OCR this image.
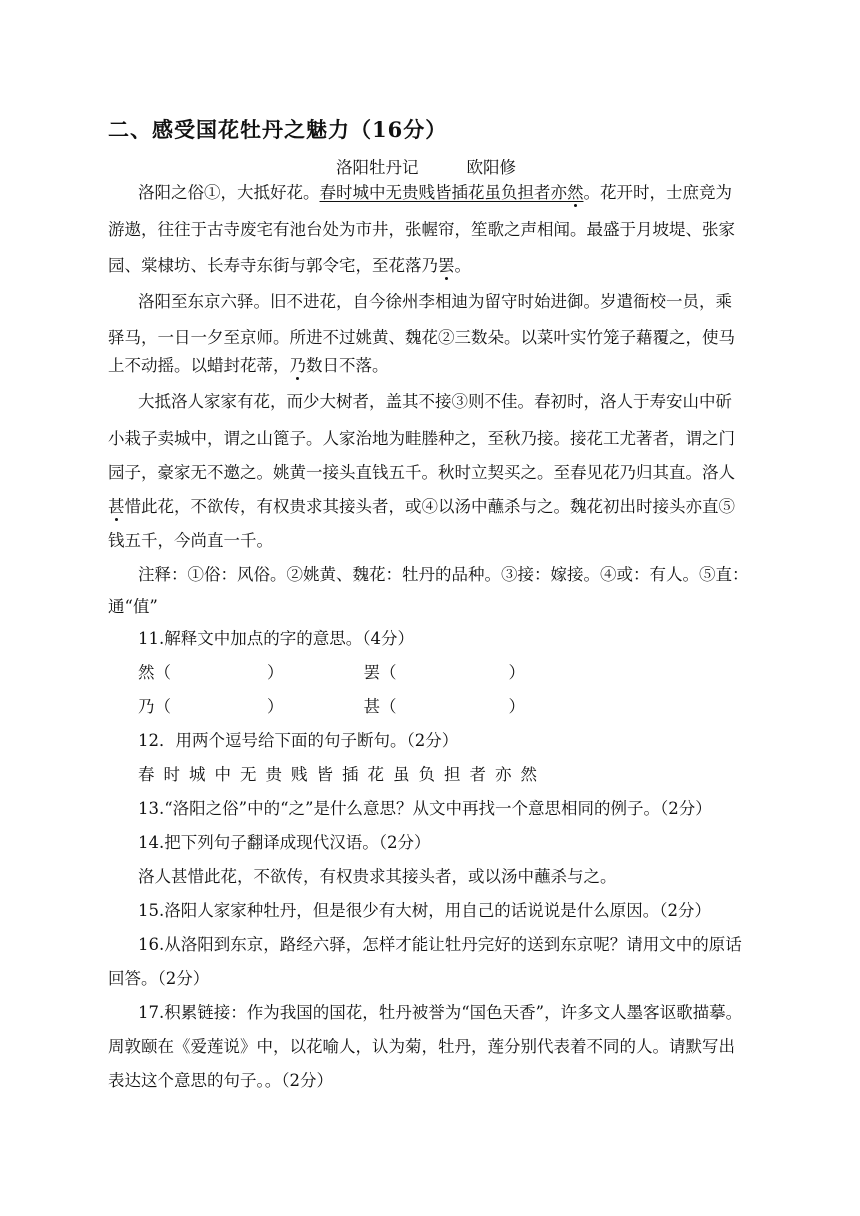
二、感受国花牡丹之魅力（16分）
洛阳牡丹记	欧阳修
洛阳之俗①，大抵好花。春时城中无贵贱皆插花虽负担者亦然。花开时，士庶竞为
游遨，往往于古寺废宅有池台处为市井，张幄帘，笙歌之声相闻。最盛于月坡堤、张家
园、棠棣坊、长寿寺东街与郭令宅，至花落乃罢。
洛阳至东京六驿。旧不进花，自今徐州李相迪为留守时始进御。岁遣衙校一员，乘
驿马，一日一夕至京师。所进不过姚黄、魏花②三数朵。以菜叶实竹笼子藉覆之，使马
上不动摇。以蜡封花蒂，乃数日不落。
大抵洛人家家有花，而少大树者，盖其不接③则不佳。春初时，洛人于寿安山中斫
小栽子卖城中，谓之山篦子。人家治地为畦塍种之，至秋乃接。接花工尤著者，谓之门
园子，豪家无不邀之。姚黄一接头直钱五千。秋时立契买之。至春见花乃归其直。洛人
甚惜此花，不欲传，有权贵求其接头者，或④以汤中蘸杀与之。魏花初出时接头亦直⑤
钱五千，今尚直一千。
注释：①俗：风俗。②姚黄、魏花：牡丹的品种。③接：嫁接。④或：有人。⑤直：
通“值”
11.解释文中加点的字的意思。（4分）
然（	）	罢（	）
乃（	）	甚（	）
12．用两个逗号给下面的句子断句。（2分）
春时城中无贵贱皆插花虽负担者亦然
13.“洛阳之俗”中的“之”是什么意思？从文中再找一个意思相同的例子。（2分）
14.把下列句子翻译成现代汉语。（2分）
洛人甚惜此花，不欲传，有权贵求其接头者，或以汤中蘸杀与之。
15.洛阳人家家种牡丹，但是很少有大树，用自己的话说说是什么原因。（2分）
16.从洛阳到东京，路经六驿，怎样才能让牡丹完好的送到东京呢？请用文中的原话
回答。（2分）
17.积累链接：作为我国的国花，牡丹被誉为“国色天香”，许多文人墨客讴歌描摹。
周敦颐在《爱莲说》中，以花喻人，认为菊，牡丹，莲分别代表着不同的人。请默写出
表达这个意思的句子。。（2分）
